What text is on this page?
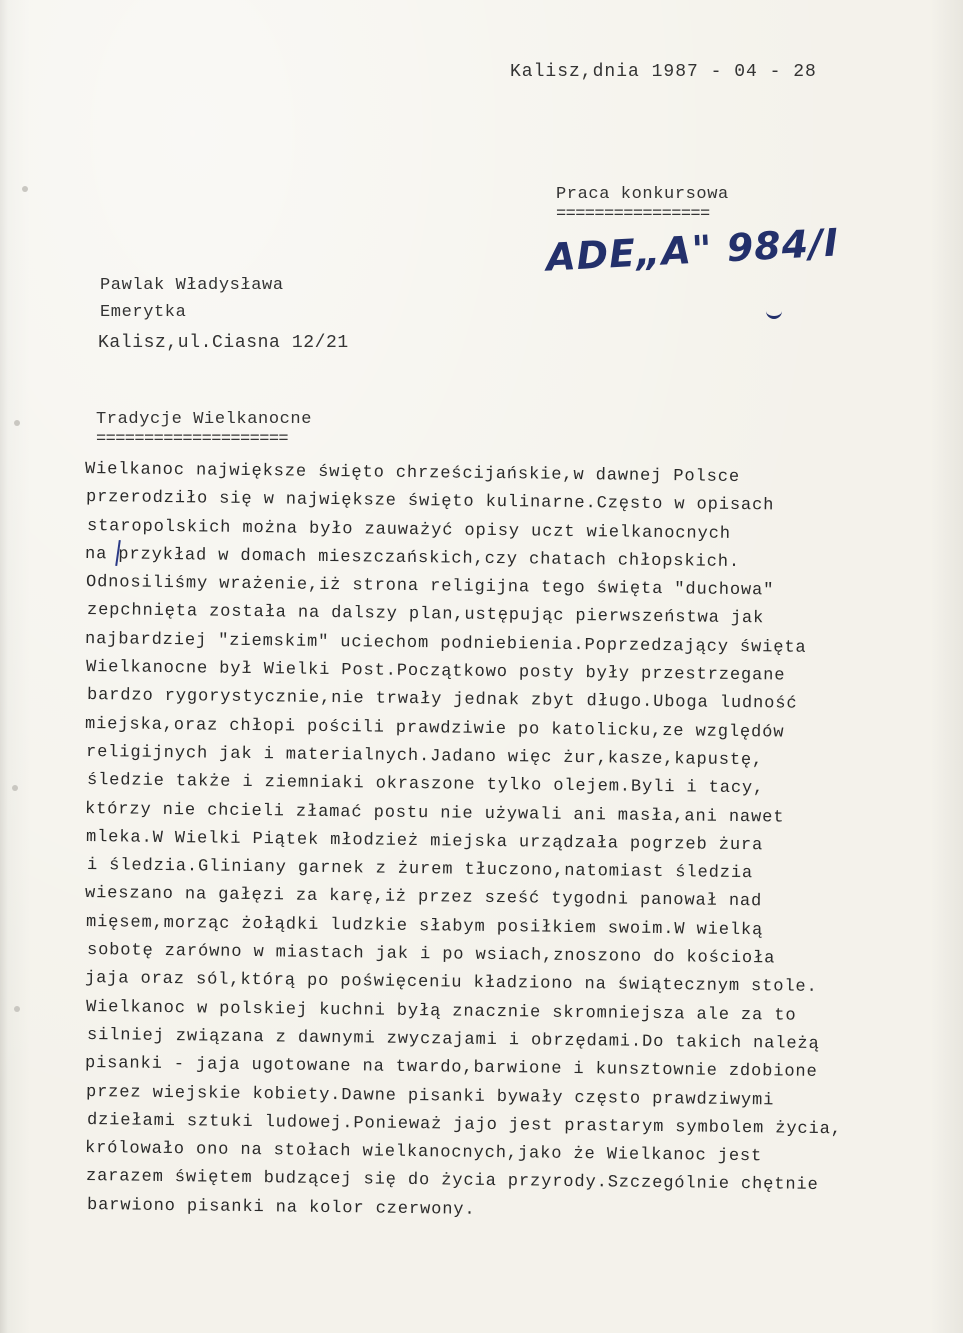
Kalisz,dnia 1987 - 04 - 28
Praca konkursowa
================
ADE„A" 984/I
Pawlak Władysława
Emerytka
Kalisz,ul.Ciasna 12/21
Tradycje Wielkanocne
====================
Wielkanoc największe święto chrześcijańskie,w dawnej Polsce
przerodziło się w największe święto kulinarne.Często w opisach
staropolskich można było zauważyć opisy uczt wielkanocnych
na przykład w domach mieszczańskich,czy chatach chłopskich.
Odnosiliśmy wrażenie,iż strona religijna tego święta "duchowa"
zepchnięta została na dalszy plan,ustępując pierwszeństwa jak
najbardziej "ziemskim" uciechom podniebienia.Poprzedzający święta
Wielkanocne był Wielki Post.Początkowo posty były przestrzegane
bardzo rygorystycznie,nie trwały jednak zbyt długo.Uboga ludność
miejska,oraz chłopi pościli prawdziwie po katolicku,ze względów
religijnych jak i materialnych.Jadano więc żur,kasze,kapustę,
śledzie także i ziemniaki okraszone tylko olejem.Byli i tacy,
którzy nie chcieli złamać postu nie używali ani masła,ani nawet
mleka.W Wielki Piątek młodzież miejska urządzała pogrzeb żura
i śledzia.Gliniany garnek z żurem tłuczono,natomiast śledzia
wieszano na gałęzi za karę,iż przez sześć tygodni panował nad
mięsem,morząc żołądki ludzkie słabym posiłkiem swoim.W wielką
sobotę zarówno w miastach jak i po wsiach,znoszono do kościoła
jaja oraz sól,którą po poświęceniu kładziono na świątecznym stole.
Wielkanoc w polskiej kuchni byłą znacznie skromniejsza ale za to
silniej związana z dawnymi zwyczajami i obrzędami.Do takich należą
pisanki - jaja ugotowane na twardo,barwione i kunsztownie zdobione
przez wiejskie kobiety.Dawne pisanki bywały często prawdziwymi
dziełami sztuki ludowej.Ponieważ jajo jest prastarym symbolem życia,
królowało ono na stołach wielkanocnych,jako że Wielkanoc jest
zarazem świętem budzącej się do życia przyrody.Szczególnie chętnie
barwiono pisanki na kolor czerwony.
